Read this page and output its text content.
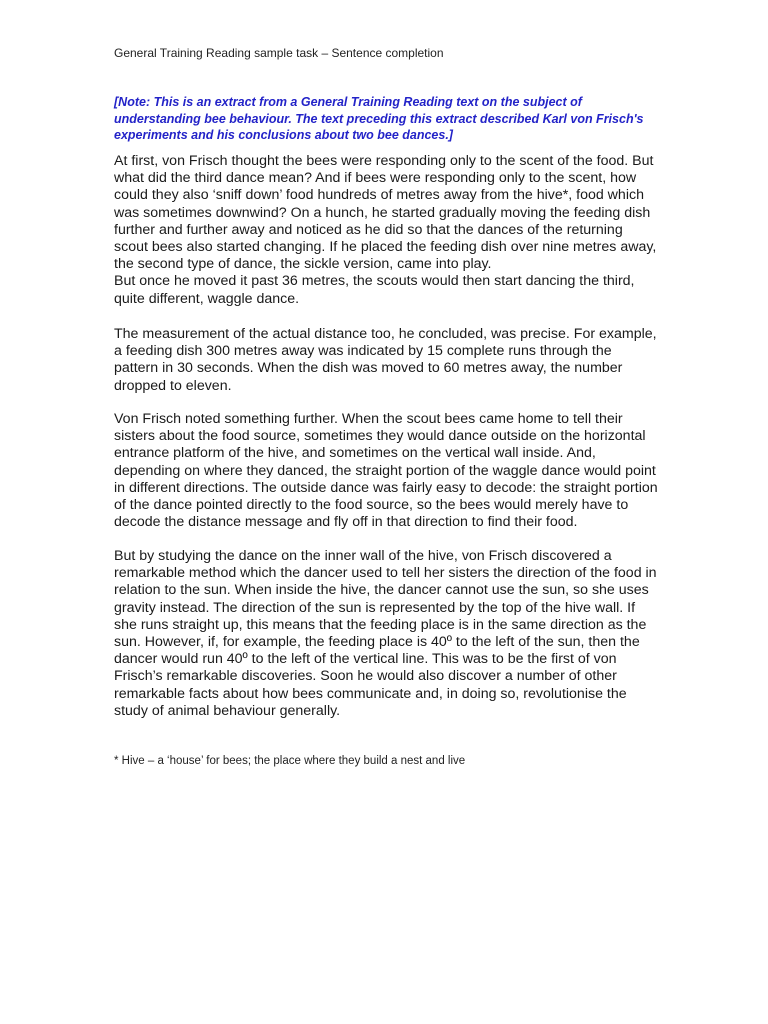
General Training Reading sample task – Sentence completion
[Note: This is an extract from a General Training Reading text on the subject of understanding bee behaviour. The text preceding this extract described Karl von Frisch's experiments and his conclusions about two bee dances.]

At first, von Frisch thought the bees were responding only to the scent of the food. But what did the third dance mean? And if bees were responding only to the scent, how could they also ‘sniff down’ food hundreds of metres away from the hive*, food which was sometimes downwind? On a hunch, he started gradually moving the feeding dish further and further away and noticed as he did so that the dances of the returning scout bees also started changing. If he placed the feeding dish over nine metres away, the second type of dance, the sickle version, came into play.

But once he moved it past 36 metres, the scouts would then start dancing the third, quite different, waggle dance.

The measurement of the actual distance too, he concluded, was precise. For example, a feeding dish 300 metres away was indicated by 15 complete runs through the pattern in 30 seconds. When the dish was moved to 60 metres away, the number dropped to eleven.

Von Frisch noted something further. When the scout bees came home to tell their sisters about the food source, sometimes they would dance outside on the horizontal entrance platform of the hive, and sometimes on the vertical wall inside. And, depending on where they danced, the straight portion of the waggle dance would point in different directions. The outside dance was fairly easy to decode: the straight portion of the dance pointed directly to the food source, so the bees would merely have to decode the distance message and fly off in that direction to find their food.

But by studying the dance on the inner wall of the hive, von Frisch discovered a remarkable method which the dancer used to tell her sisters the direction of the food in relation to the sun. When inside the hive, the dancer cannot use the sun, so she uses gravity instead. The direction of the sun is represented by the top of the hive wall. If she runs straight up, this means that the feeding place is in the same direction as the sun. However, if, for example, the feeding place is 40º to the left of the sun, then the dancer would run 40º to the left of the vertical line. This was to be the first of von Frisch’s remarkable discoveries. Soon he would also discover a number of other remarkable facts about how bees communicate and, in doing so, revolutionise the study of animal behaviour generally.

* Hive – a ‘house’ for bees; the place where they build a nest and live
